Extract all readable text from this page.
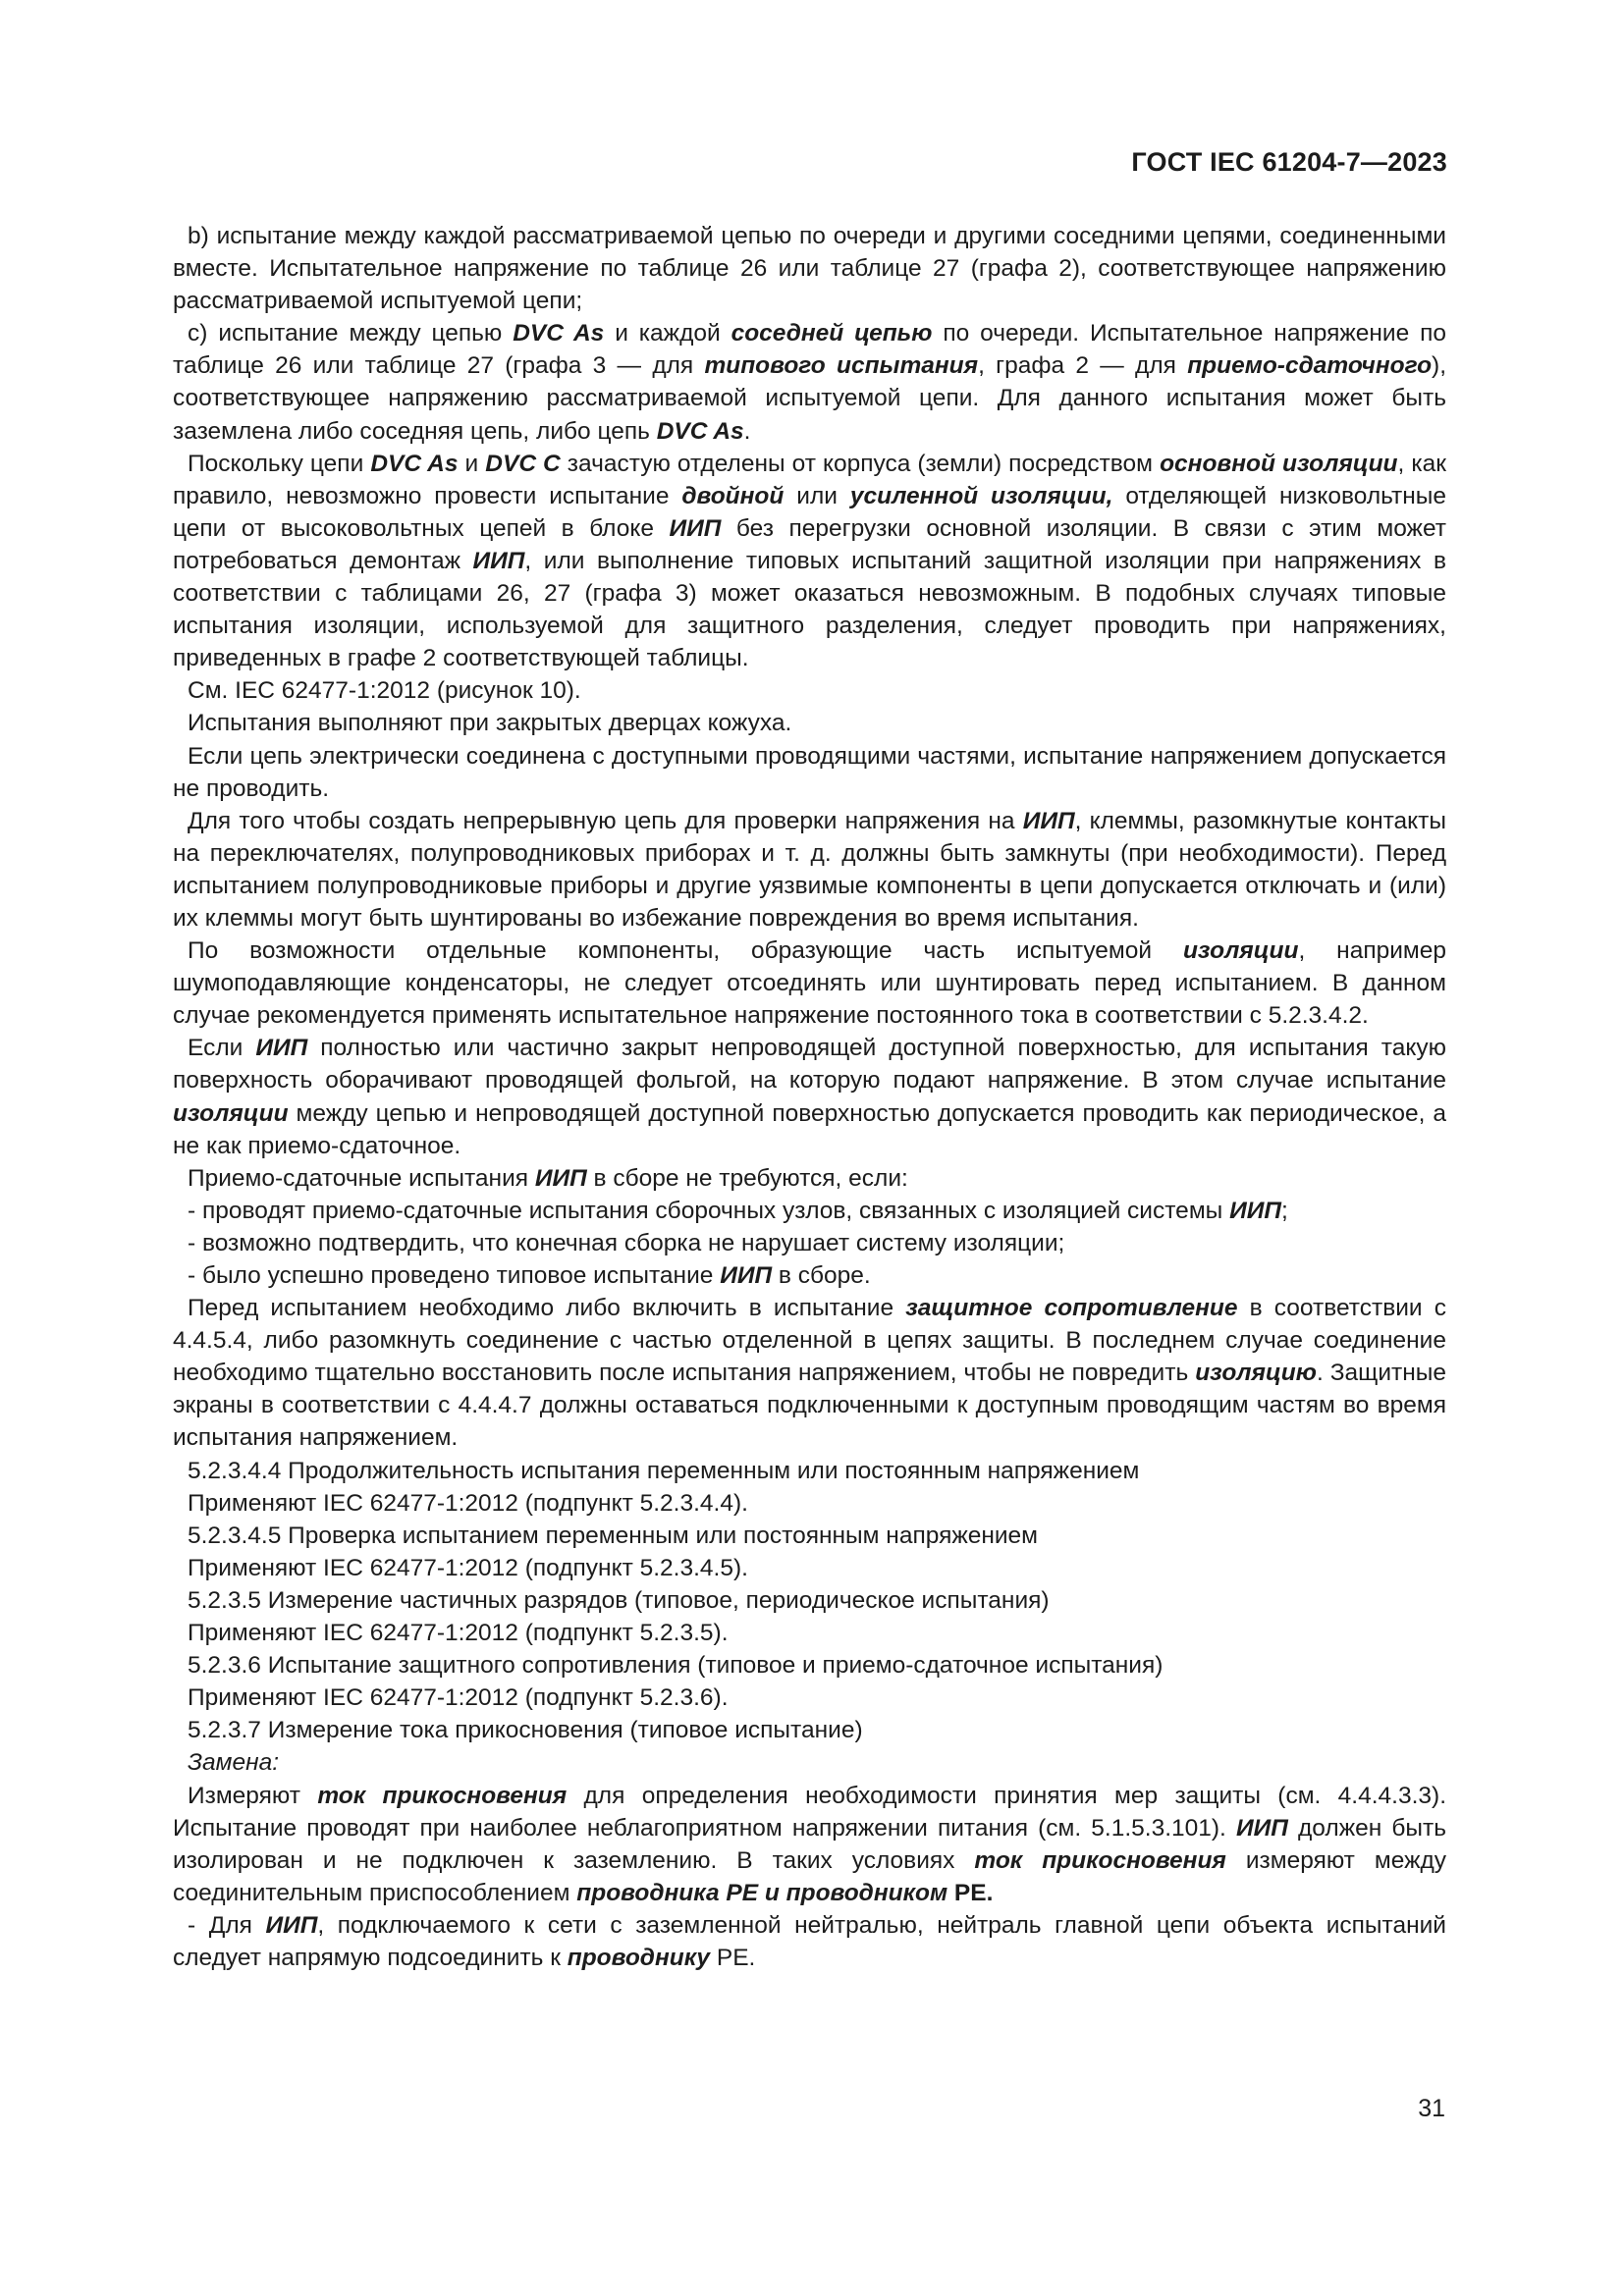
ГОСТ IEC 61204-7—2023

b) испытание между каждой рассматриваемой цепью по очереди и другими соседними цепями, соединенными вместе. Испытательное напряжение по таблице 26 или таблице 27 (графа 2), соответствующее напряжению рассматриваемой испытуемой цепи;

c) испытание между цепью DVC As и каждой соседней цепью по очереди. Испытательное напряжение по таблице 26 или таблице 27 (графа 3 — для типового испытания, графа 2 — для приемо-сдаточного), соответствующее напряжению рассматриваемой испытуемой цепи. Для данного испытания может быть заземлена либо соседняя цепь, либо цепь DVC As.

Поскольку цепи DVC As и DVC C зачастую отделены от корпуса (земли) посредством основной изоляции, как правило, невозможно провести испытание двойной или усиленной изоляции, отделяющей низковольтные цепи от высоковольтных цепей в блоке ИИП без перегрузки основной изоляции. В связи с этим может потребоваться демонтаж ИИП, или выполнение типовых испытаний защитной изоляции при напряжениях в соответствии с таблицами 26, 27 (графа 3) может оказаться невозможным. В подобных случаях типовые испытания изоляции, используемой для защитного разделения, следует проводить при напряжениях, приведенных в графе 2 соответствующей таблицы.

См. IEC 62477-1:2012 (рисунок 10).

Испытания выполняют при закрытых дверцах кожуха.

Если цепь электрически соединена с доступными проводящими частями, испытание напряжением допускается не проводить.

Для того чтобы создать непрерывную цепь для проверки напряжения на ИИП, клеммы, разомкнутые контакты на переключателях, полупроводниковых приборах и т. д. должны быть замкнуты (при необходимости). Перед испытанием полупроводниковые приборы и другие уязвимые компоненты в цепи допускается отключать и (или) их клеммы могут быть шунтированы во избежание повреждения во время испытания.

По возможности отдельные компоненты, образующие часть испытуемой изоляции, например шумоподавляющие конденсаторы, не следует отсоединять или шунтировать перед испытанием. В данном случае рекомендуется применять испытательное напряжение постоянного тока в соответствии с 5.2.3.4.2.

Если ИИП полностью или частично закрыт непроводящей доступной поверхностью, для испытания такую поверхность оборачивают проводящей фольгой, на которую подают напряжение. В этом случае испытание изоляции между цепью и непроводящей доступной поверхностью допускается проводить как периодическое, а не как приемо-сдаточное.

Приемо-сдаточные испытания ИИП в сборе не требуются, если:

- проводят приемо-сдаточные испытания сборочных узлов, связанных с изоляцией системы ИИП;

- возможно подтвердить, что конечная сборка не нарушает систему изоляции;

- было успешно проведено типовое испытание ИИП в сборе.

Перед испытанием необходимо либо включить в испытание защитное сопротивление в соответствии с 4.4.5.4, либо разомкнуть соединение с частью отделенной в цепях защиты. В последнем случае соединение необходимо тщательно восстановить после испытания напряжением, чтобы не повредить изоляцию. Защитные экраны в соответствии с 4.4.4.7 должны оставаться подключенными к доступным проводящим частям во время испытания напряжением.

5.2.3.4.4 Продолжительность испытания переменным или постоянным напряжением

Применяют IEC 62477-1:2012 (подпункт 5.2.3.4.4).

5.2.3.4.5 Проверка испытанием переменным или постоянным напряжением

Применяют IEC 62477-1:2012 (подпункт 5.2.3.4.5).

5.2.3.5 Измерение частичных разрядов (типовое, периодическое испытания)

Применяют IEC 62477-1:2012 (подпункт 5.2.3.5).

5.2.3.6 Испытание защитного сопротивления (типовое и приемо-сдаточное испытания)

Применяют IEC 62477-1:2012 (подпункт 5.2.3.6).

5.2.3.7 Измерение тока прикосновения (типовое испытание)

Замена:

Измеряют ток прикосновения для определения необходимости принятия мер защиты (см. 4.4.4.3.3). Испытание проводят при наиболее неблагоприятном напряжении питания (см. 5.1.5.3.101). ИИП должен быть изолирован и не подключен к заземлению. В таких условиях ток прикосновения измеряют между соединительным приспособлением проводника PE и проводником PE.

- Для ИИП, подключаемого к сети с заземленной нейтралью, нейтраль главной цепи объекта испытаний следует напрямую подсоединить к проводнику PE.

31
